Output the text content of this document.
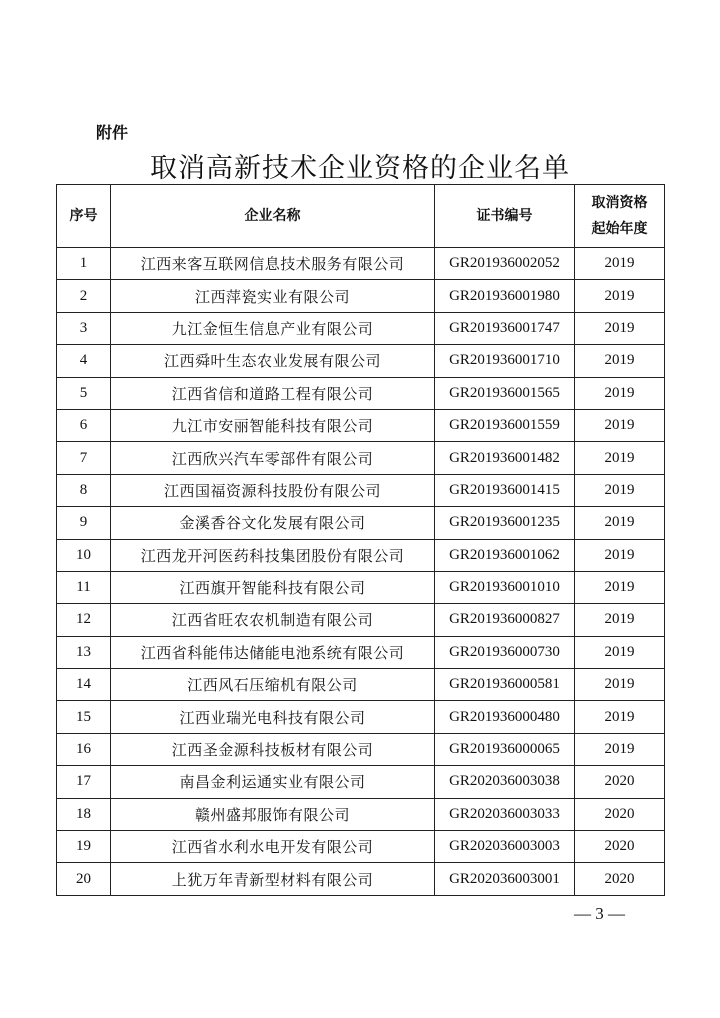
附件
取消高新技术企业资格的企业名单
序号	企业名称	证书编号	取消资格
起始年度

1	江西来客互联网信息技术服务有限公司	GR201936002052	2019
2	江西萍瓷实业有限公司	GR201936001980	2019
3	九江金恒生信息产业有限公司	GR201936001747	2019
4	江西舜叶生态农业发展有限公司	GR201936001710	2019
5	江西省信和道路工程有限公司	GR201936001565	2019
6	九江市安丽智能科技有限公司	GR201936001559	2019
7	江西欣兴汽车零部件有限公司	GR201936001482	2019
8	江西国福资源科技股份有限公司	GR201936001415	2019
9	金溪香谷文化发展有限公司	GR201936001235	2019
10	江西龙开河医药科技集团股份有限公司	GR201936001062	2019
11	江西旗开智能科技有限公司	GR201936001010	2019
12	江西省旺农农机制造有限公司	GR201936000827	2019
13	江西省科能伟达储能电池系统有限公司	GR201936000730	2019
14	江西风石压缩机有限公司	GR201936000581	2019
15	江西业瑞光电科技有限公司	GR201936000480	2019
16	江西圣金源科技板材有限公司	GR201936000065	2019
17	南昌金利运通实业有限公司	GR202036003038	2020
18	赣州盛邦服饰有限公司	GR202036003033	2020
19	江西省水利水电开发有限公司	GR202036003003	2020
20	上犹万年青新型材料有限公司	GR202036003001	2020
— 3 —
